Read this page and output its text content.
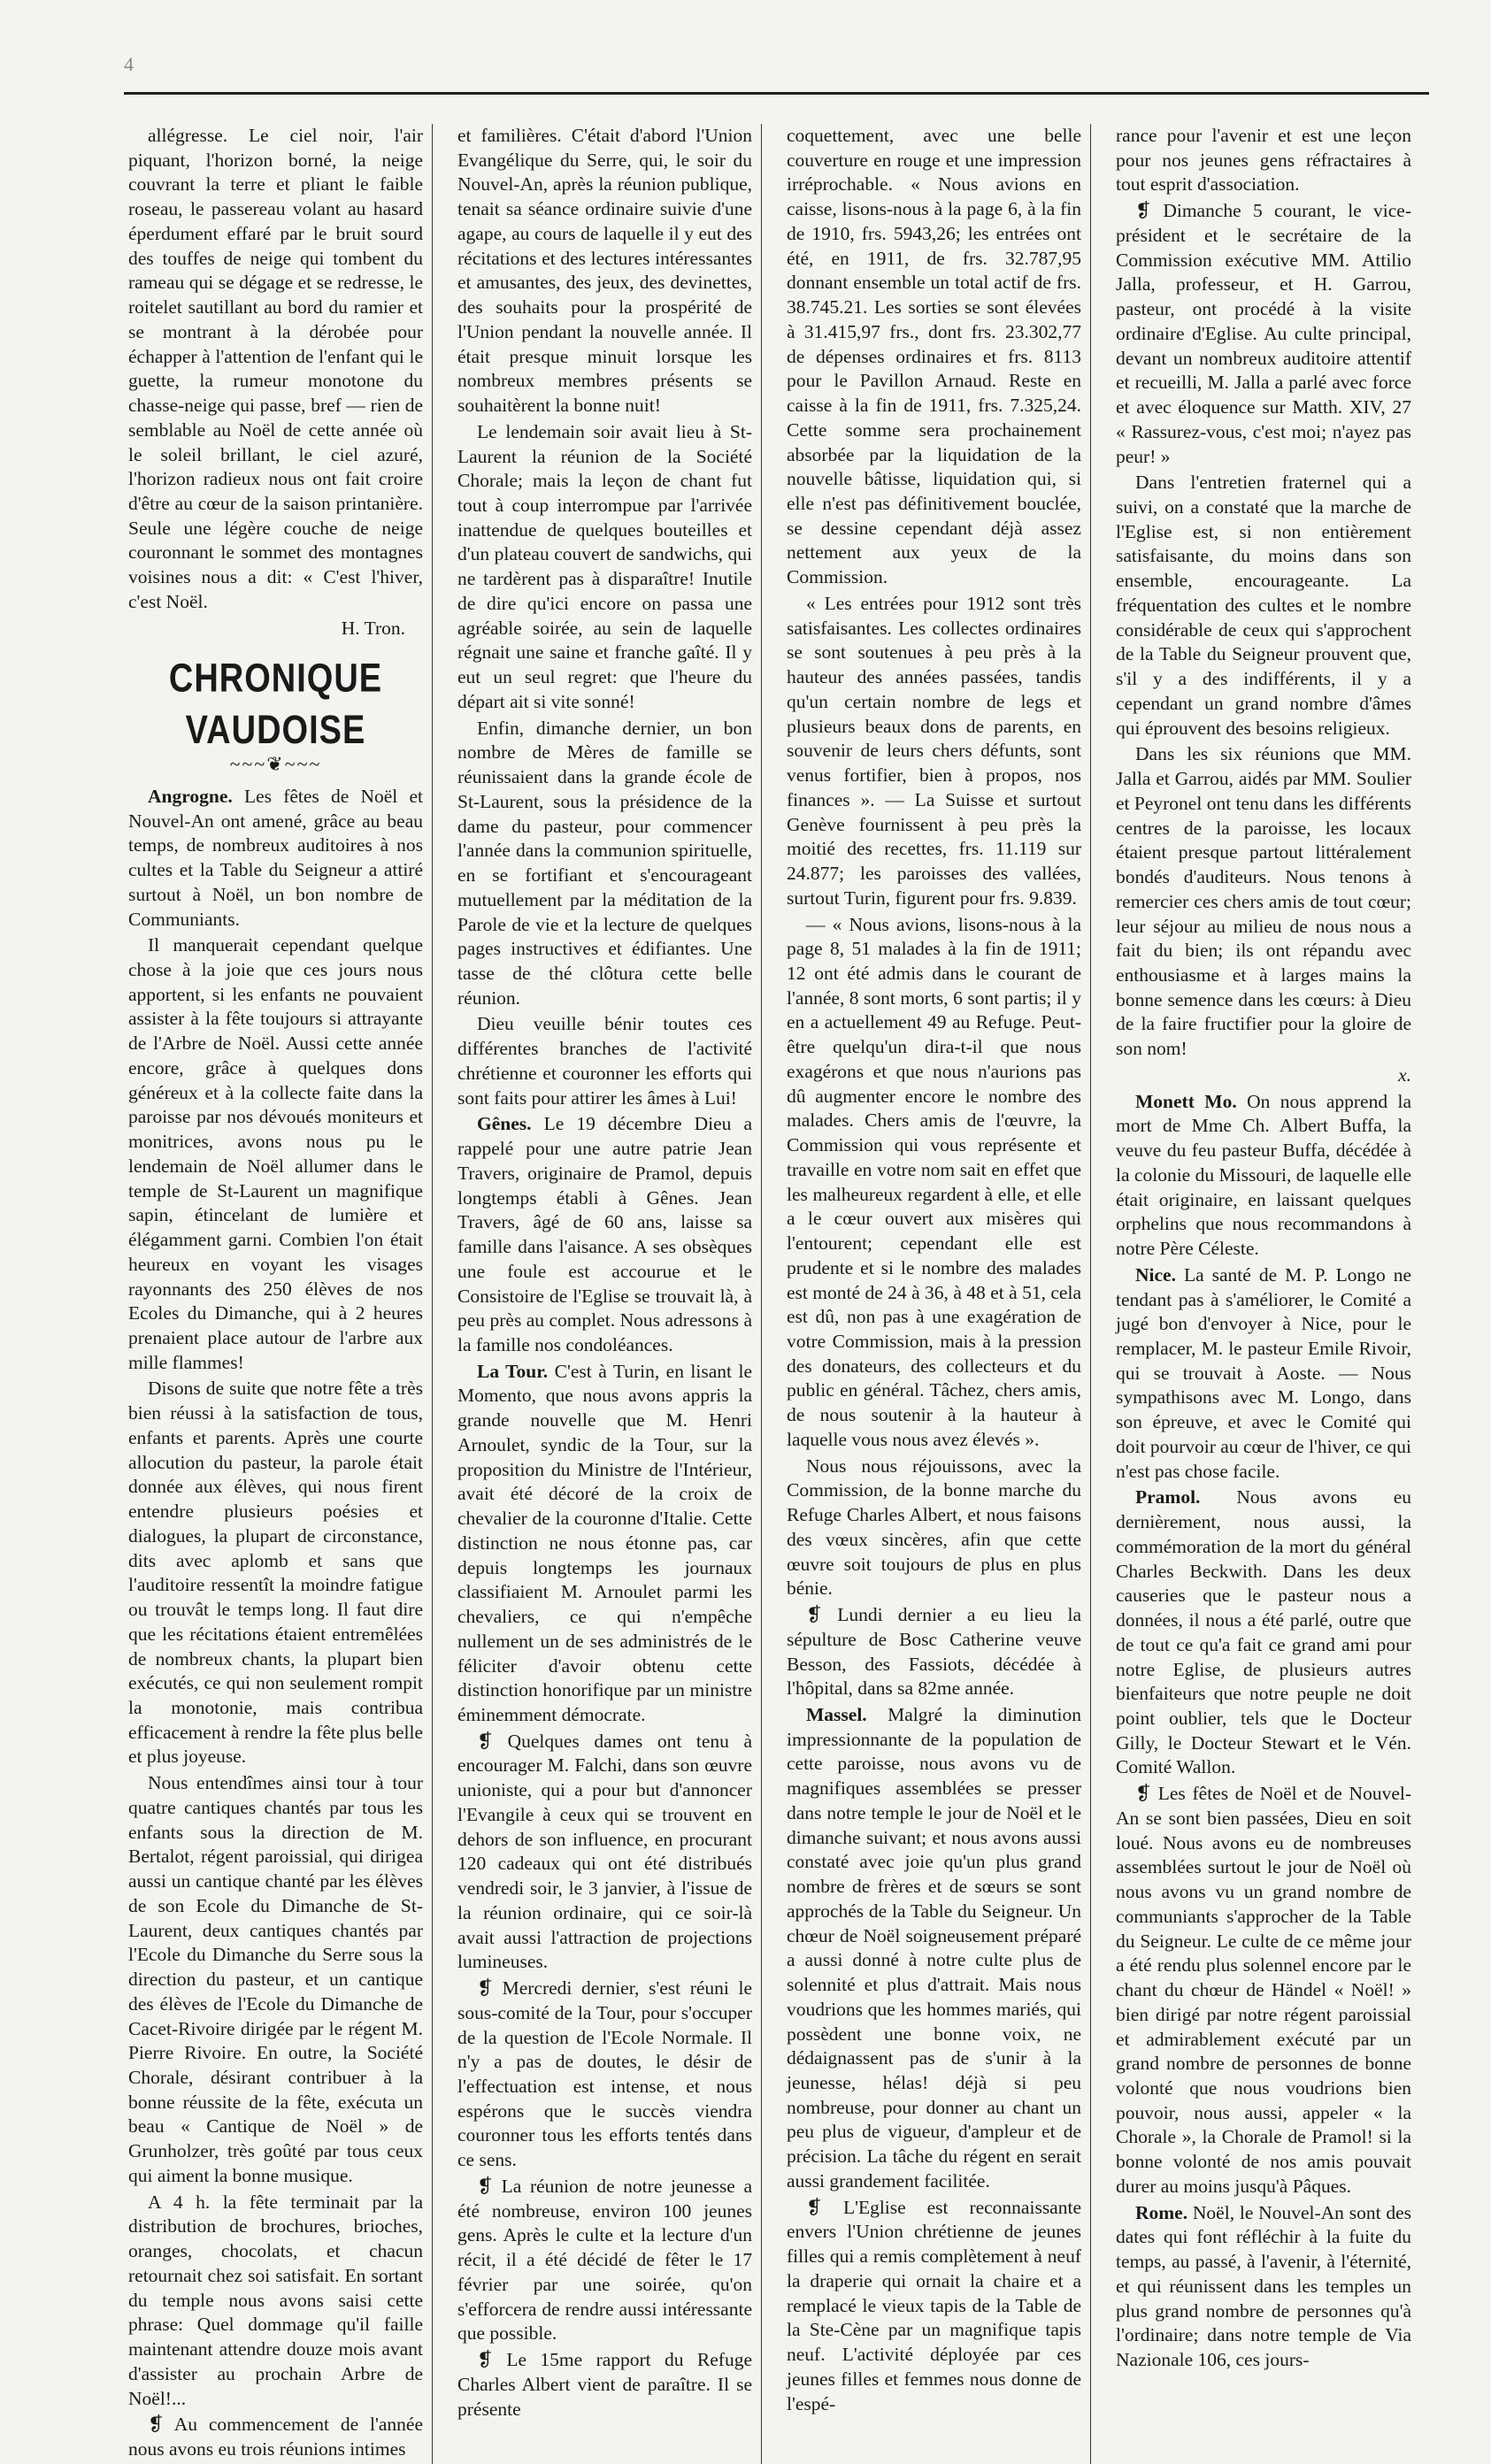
4

allégresse. Le ciel noir, l'air piquant, l'horizon borné, la neige couvrant la terre et pliant le faible roseau, le passereau volant au hasard éperdument effaré par le bruit sourd des touffes de neige qui tombent du rameau qui se dégage et se redresse, le roitelet sautillant au bord du ramier et se montrant à la dérobée pour échapper à l'attention de l'enfant qui le guette, la rumeur monotone du chasse-neige qui passe, bref — rien de semblable au Noël de cette année où le soleil brillant, le ciel azuré, l'horizon radieux nous ont fait croire d'être au cœur de la saison printanière. Seule une légère couche de neige couronnant le sommet des montagnes voisines nous a dit: « C'est l'hiver, c'est Noël.

H. Tron.

CHRONIQUE VAUDOISE
~~~❦~~~

Angrogne. Les fêtes de Noël et Nouvel-An ont amené, grâce au beau temps, de nombreux auditoires à nos cultes et la Table du Seigneur a attiré surtout à Noël, un bon nombre de Communiants.

Il manquerait cependant quelque chose à la joie que ces jours nous apportent, si les enfants ne pouvaient assister à la fête toujours si attrayante de l'Arbre de Noël. Aussi cette année encore, grâce à quelques dons généreux et à la collecte faite dans la paroisse par nos dévoués moniteurs et monitrices, avons nous pu le lendemain de Noël allumer dans le temple de St-Laurent un magnifique sapin, étincelant de lumière et élégamment garni. Combien l'on était heureux en voyant les visages rayonnants des 250 élèves de nos Ecoles du Dimanche, qui à 2 heures prenaient place autour de l'arbre aux mille flammes!

Disons de suite que notre fête a très bien réussi à la satisfaction de tous, enfants et parents. Après une courte allocution du pasteur, la parole était donnée aux élèves, qui nous firent entendre plusieurs poésies et dialogues, la plupart de circonstance, dits avec aplomb et sans que l'auditoire ressentît la moindre fatigue ou trouvât le temps long. Il faut dire que les récitations étaient entremêlées de nombreux chants, la plupart bien exécutés, ce qui non seulement rompit la monotonie, mais contribua efficacement à rendre la fête plus belle et plus joyeuse.

Nous entendîmes ainsi tour à tour quatre cantiques chantés par tous les enfants sous la direction de M. Bertalot, régent paroissial, qui dirigea aussi un cantique chanté par les élèves de son Ecole du Dimanche de St-Laurent, deux cantiques chantés par l'Ecole du Dimanche du Serre sous la direction du pasteur, et un cantique des élèves de l'Ecole du Dimanche de Cacet-Rivoire dirigée par le régent M. Pierre Rivoire. En outre, la Société Chorale, désirant contribuer à la bonne réussite de la fête, exécuta un beau « Cantique de Noël » de Grunholzer, très goûté par tous ceux qui aiment la bonne musique.

A 4 h. la fête terminait par la distribution de brochures, brioches, oranges, chocolats, et chacun retournait chez soi satisfait. En sortant du temple nous avons saisi cette phrase: Quel dommage qu'il faille maintenant attendre douze mois avant d'assister au prochain Arbre de Noël!...

❡ Au commencement de l'année nous avons eu trois réunions intimes

et familières. C'était d'abord l'Union Evangélique du Serre, qui, le soir du Nouvel-An, après la réunion publique, tenait sa séance ordinaire suivie d'une agape, au cours de laquelle il y eut des récitations et des lectures intéressantes et amusantes, des jeux, des devinettes, des souhaits pour la prospérité de l'Union pendant la nouvelle année. Il était presque minuit lorsque les nombreux membres présents se souhaitèrent la bonne nuit!

Le lendemain soir avait lieu à St-Laurent la réunion de la Société Chorale; mais la leçon de chant fut tout à coup interrompue par l'arrivée inattendue de quelques bouteilles et d'un plateau couvert de sandwichs, qui ne tardèrent pas à disparaître! Inutile de dire qu'ici encore on passa une agréable soirée, au sein de laquelle régnait une saine et franche gaîté. Il y eut un seul regret: que l'heure du départ ait si vite sonné!

Enfin, dimanche dernier, un bon nombre de Mères de famille se réunissaient dans la grande école de St-Laurent, sous la présidence de la dame du pasteur, pour commencer l'année dans la communion spirituelle, en se fortifiant et s'encourageant mutuellement par la méditation de la Parole de vie et la lecture de quelques pages instructives et édifiantes. Une tasse de thé clôtura cette belle réunion.

Dieu veuille bénir toutes ces différentes branches de l'activité chrétienne et couronner les efforts qui sont faits pour attirer les âmes à Lui!

Gênes. Le 19 décembre Dieu a rappelé pour une autre patrie Jean Travers, originaire de Pramol, depuis longtemps établi à Gênes. Jean Travers, âgé de 60 ans, laisse sa famille dans l'aisance. A ses obsèques une foule est accourue et le Consistoire de l'Eglise se trouvait là, à peu près au complet. Nous adressons à la famille nos condoléances.

La Tour. C'est à Turin, en lisant le Momento, que nous avons appris la grande nouvelle que M. Henri Arnoulet, syndic de la Tour, sur la proposition du Ministre de l'Intérieur, avait été décoré de la croix de chevalier de la couronne d'Italie. Cette distinction ne nous étonne pas, car depuis longtemps les journaux classifiaient M. Arnoulet parmi les chevaliers, ce qui n'empêche nullement un de ses administrés de le féliciter d'avoir obtenu cette distinction honorifique par un ministre éminemment démocrate.

❡ Quelques dames ont tenu à encourager M. Falchi, dans son œuvre unioniste, qui a pour but d'annoncer l'Evangile à ceux qui se trouvent en dehors de son influence, en procurant 120 cadeaux qui ont été distribués vendredi soir, le 3 janvier, à l'issue de la réunion ordinaire, qui ce soir-là avait aussi l'attraction de projections lumineuses.

❡ Mercredi dernier, s'est réuni le sous-comité de la Tour, pour s'occuper de la question de l'Ecole Normale. Il n'y a pas de doutes, le désir de l'effectuation est intense, et nous espérons que le succès viendra couronner tous les efforts tentés dans ce sens.

❡ La réunion de notre jeunesse a été nombreuse, environ 100 jeunes gens. Après le culte et la lecture d'un récit, il a été décidé de fêter le 17 février par une soirée, qu'on s'efforcera de rendre aussi intéressante que possible.

❡ Le 15me rapport du Refuge Charles Albert vient de paraître. Il se présente

coquettement, avec une belle couverture en rouge et une impression irréprochable. « Nous avions en caisse, lisons-nous à la page 6, à la fin de 1910, frs. 5943,26; les entrées ont été, en 1911, de frs. 32.787,95 donnant ensemble un total actif de frs. 38.745.21. Les sorties se sont élevées à 31.415,97 frs., dont frs. 23.302,77 de dépenses ordinaires et frs. 8113 pour le Pavillon Arnaud. Reste en caisse à la fin de 1911, frs. 7.325,24. Cette somme sera prochainement absorbée par la liquidation de la nouvelle bâtisse, liquidation qui, si elle n'est pas définitivement bouclée, se dessine cependant déjà assez nettement aux yeux de la Commission.

« Les entrées pour 1912 sont très satisfaisantes. Les collectes ordinaires se sont soutenues à peu près à la hauteur des années passées, tandis qu'un certain nombre de legs et plusieurs beaux dons de parents, en souvenir de leurs chers défunts, sont venus fortifier, bien à propos, nos finances ». — La Suisse et surtout Genève fournissent à peu près la moitié des recettes, frs. 11.119 sur 24.877; les paroisses des vallées, surtout Turin, figurent pour frs. 9.839.

— « Nous avions, lisons-nous à la page 8, 51 malades à la fin de 1911; 12 ont été admis dans le courant de l'année, 8 sont morts, 6 sont partis; il y en a actuellement 49 au Refuge. Peut-être quelqu'un dira-t-il que nous exagérons et que nous n'aurions pas dû augmenter encore le nombre des malades. Chers amis de l'œuvre, la Commission qui vous représente et travaille en votre nom sait en effet que les malheureux regardent à elle, et elle a le cœur ouvert aux misères qui l'entourent; cependant elle est prudente et si le nombre des malades est monté de 24 à 36, à 48 et à 51, cela est dû, non pas à une exagération de votre Commission, mais à la pression des donateurs, des collecteurs et du public en général. Tâchez, chers amis, de nous soutenir à la hauteur à laquelle vous nous avez élevés ».

Nous nous réjouissons, avec la Commission, de la bonne marche du Refuge Charles Albert, et nous faisons des vœux sincères, afin que cette œuvre soit toujours de plus en plus bénie.

❡ Lundi dernier a eu lieu la sépulture de Bosc Catherine veuve Besson, des Fassiots, décédée à l'hôpital, dans sa 82me année.

Massel. Malgré la diminution impressionnante de la population de cette paroisse, nous avons vu de magnifiques assemblées se presser dans notre temple le jour de Noël et le dimanche suivant; et nous avons aussi constaté avec joie qu'un plus grand nombre de frères et de sœurs se sont approchés de la Table du Seigneur. Un chœur de Noël soigneusement préparé a aussi donné à notre culte plus de solennité et plus d'attrait. Mais nous voudrions que les hommes mariés, qui possèdent une bonne voix, ne dédaignassent pas de s'unir à la jeunesse, hélas! déjà si peu nombreuse, pour donner au chant un peu plus de vigueur, d'ampleur et de précision. La tâche du régent en serait aussi grandement facilitée.

❡ L'Eglise est reconnaissante envers l'Union chrétienne de jeunes filles qui a remis complètement à neuf la draperie qui ornait la chaire et a remplacé le vieux tapis de la Table de la Ste-Cène par un magnifique tapis neuf. L'activité déployée par ces jeunes filles et femmes nous donne de l'espé-

rance pour l'avenir et est une leçon pour nos jeunes gens réfractaires à tout esprit d'association.

❡ Dimanche 5 courant, le vice-président et le secrétaire de la Commission exécutive MM. Attilio Jalla, professeur, et H. Garrou, pasteur, ont procédé à la visite ordinaire d'Eglise. Au culte principal, devant un nombreux auditoire attentif et recueilli, M. Jalla a parlé avec force et avec éloquence sur Matth. XIV, 27 « Rassurez-vous, c'est moi; n'ayez pas peur! »

Dans l'entretien fraternel qui a suivi, on a constaté que la marche de l'Eglise est, si non entièrement satisfaisante, du moins dans son ensemble, encourageante. La fréquentation des cultes et le nombre considérable de ceux qui s'approchent de la Table du Seigneur prouvent que, s'il y a des indifférents, il y a cependant un grand nombre d'âmes qui éprouvent des besoins religieux.

Dans les six réunions que MM. Jalla et Garrou, aidés par MM. Soulier et Peyronel ont tenu dans les différents centres de la paroisse, les locaux étaient presque partout littéralement bondés d'auditeurs. Nous tenons à remercier ces chers amis de tout cœur; leur séjour au milieu de nous nous a fait du bien; ils ont répandu avec enthousiasme et à larges mains la bonne semence dans les cœurs: à Dieu de la faire fructifier pour la gloire de son nom!

x.

Monett Mo. On nous apprend la mort de Mme Ch. Albert Buffa, la veuve du feu pasteur Buffa, décédée à la colonie du Missouri, de laquelle elle était originaire, en laissant quelques orphelins que nous recommandons à notre Père Céleste.

Nice. La santé de M. P. Longo ne tendant pas à s'améliorer, le Comité a jugé bon d'envoyer à Nice, pour le remplacer, M. le pasteur Emile Rivoir, qui se trouvait à Aoste. — Nous sympathisons avec M. Longo, dans son épreuve, et avec le Comité qui doit pourvoir au cœur de l'hiver, ce qui n'est pas chose facile.

Pramol. Nous avons eu dernièrement, nous aussi, la commémoration de la mort du général Charles Beckwith. Dans les deux causeries que le pasteur nous a données, il nous a été parlé, outre que de tout ce qu'a fait ce grand ami pour notre Eglise, de plusieurs autres bienfaiteurs que notre peuple ne doit point oublier, tels que le Docteur Gilly, le Docteur Stewart et le Vén. Comité Wallon.

❡ Les fêtes de Noël et de Nouvel-An se sont bien passées, Dieu en soit loué. Nous avons eu de nombreuses assemblées surtout le jour de Noël où nous avons vu un grand nombre de communiants s'approcher de la Table du Seigneur. Le culte de ce même jour a été rendu plus solennel encore par le chant du chœur de Händel « Noël! » bien dirigé par notre régent paroissial et admirablement exécuté par un grand nombre de personnes de bonne volonté que nous voudrions bien pouvoir, nous aussi, appeler « la Chorale », la Chorale de Pramol! si la bonne volonté de nos amis pouvait durer au moins jusqu'à Pâques.

Rome. Noël, le Nouvel-An sont des dates qui font réfléchir à la fuite du temps, au passé, à l'avenir, à l'éternité, et qui réunissent dans les temples un plus grand nombre de personnes qu'à l'ordinaire; dans notre temple de Via Nazionale 106, ces jours-
